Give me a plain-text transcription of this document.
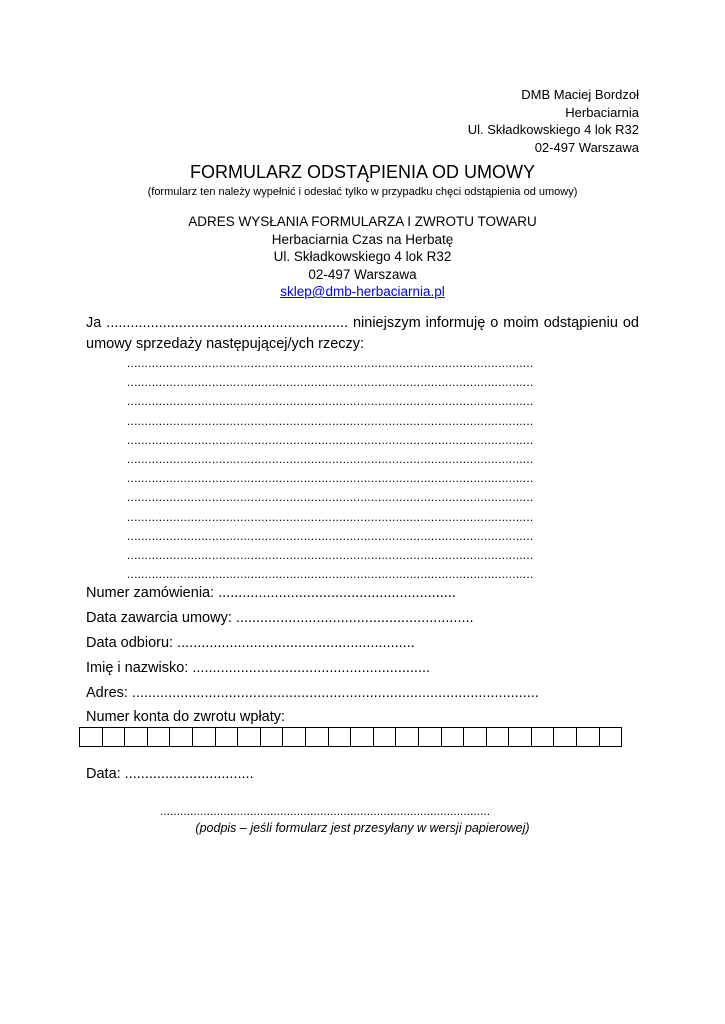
DMB Maciej Bordzoł
Herbaciarnia
Ul. Składkowskiego 4 lok R32
02-497 Warszawa
FORMULARZ ODSTĄPIENIA OD UMOWY
(formularz ten należy wypełnić i odesłać tylko w przypadku chęci odstąpienia od umowy)
ADRES WYSŁANIA FORMULARZA I ZWROTU TOWARU
Herbaciarnia Czas na Herbatę
Ul. Składkowskiego 4 lok R32
02-497 Warszawa
sklep@dmb-herbaciarnia.pl
Ja ............................................................ niniejszym informuję o moim odstąpieniu od umowy sprzedaży następującej/ych rzeczy:
...................................................................................................................
...................................................................................................................
...................................................................................................................
...................................................................................................................
...................................................................................................................
...................................................................................................................
...................................................................................................................
...................................................................................................................
...................................................................................................................
...................................................................................................................
...................................................................................................................
...................................................................................................................
Numer zamówienia: ...........................................................
Data zawarcia umowy: ...........................................................
Data odbioru: ...........................................................
Imię i nazwisko: ...........................................................
Adres: .....................................................................................................
Numer konta do zwrotu wpłaty:
Data: ................................
...................................................................................................
(podpis – jeśli formularz jest przesyłany w wersji papierowej)
